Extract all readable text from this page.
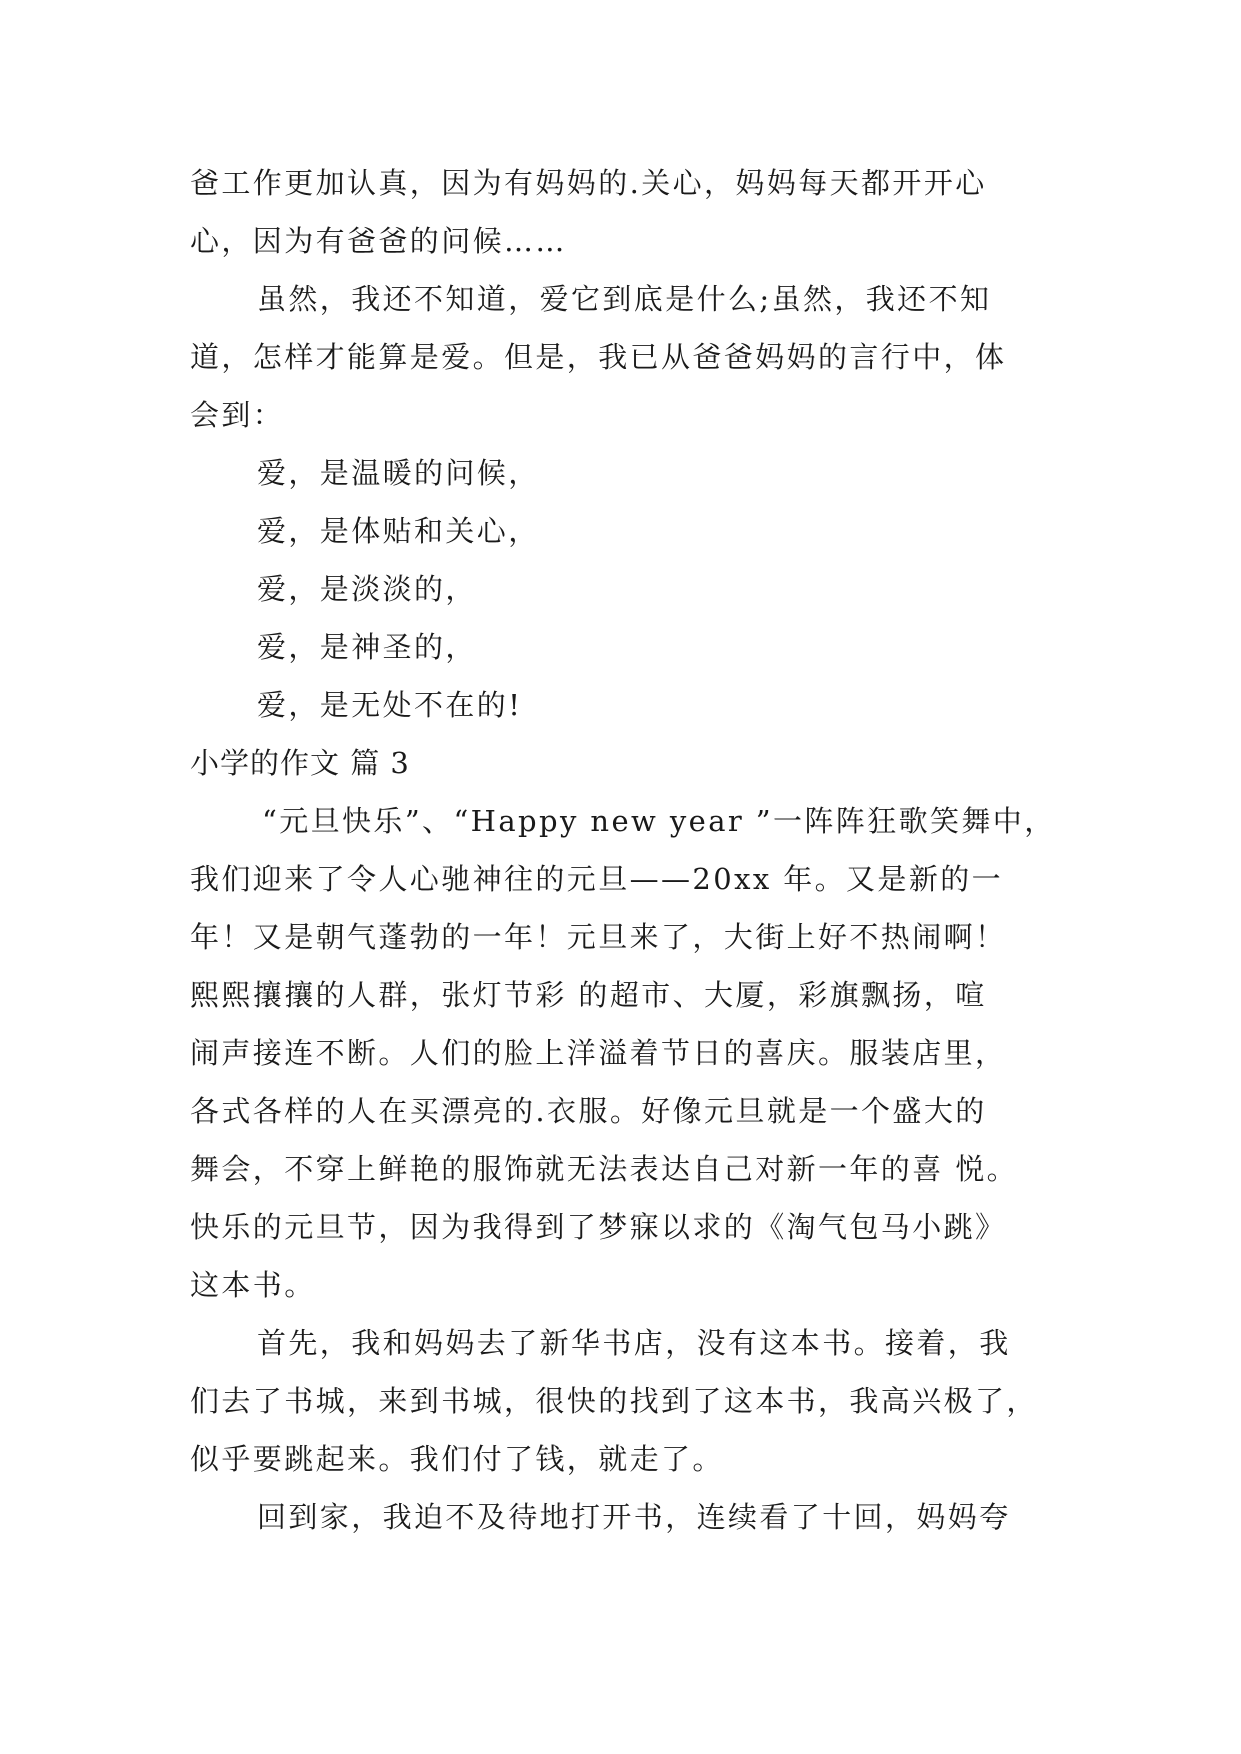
爸工作更加认真，因为有妈妈的.关心，妈妈每天都开开心
心，因为有爸爸的问候……
虽然，我还不知道，爱它到底是什么;虽然，我还不知
道，怎样才能算是爱。但是，我已从爸爸妈妈的言行中，体
会到：
爱，是温暖的问候，
爱，是体贴和关心，
爱，是淡淡的，
爱，是神圣的，
爱，是无处不在的!
小学的作文 篇 3
“元旦快乐”、“Happy new year ”一阵阵狂歌笑舞中，
我们迎来了令人心驰神往的元旦——20xx 年。又是新的一
年！又是朝气蓬勃的一年！元旦来了，大街上好不热闹啊！
熙熙攘攘的人群，张灯节彩 的超市、大厦，彩旗飘扬，喧
闹声接连不断。人们的脸上洋溢着节日的喜庆。服装店里，
各式各样的人在买漂亮的.衣服。好像元旦就是一个盛大的
舞会，不穿上鲜艳的服饰就无法表达自己对新一年的喜 悦。
快乐的元旦节，因为我得到了梦寐以求的《淘气包马小跳》
这本书。
首先，我和妈妈去了新华书店，没有这本书。接着，我
们去了书城，来到书城，很快的找到了这本书，我高兴极了，
似乎要跳起来。我们付了钱，就走了。
回到家，我迫不及待地打开书，连续看了十回，妈妈夸
